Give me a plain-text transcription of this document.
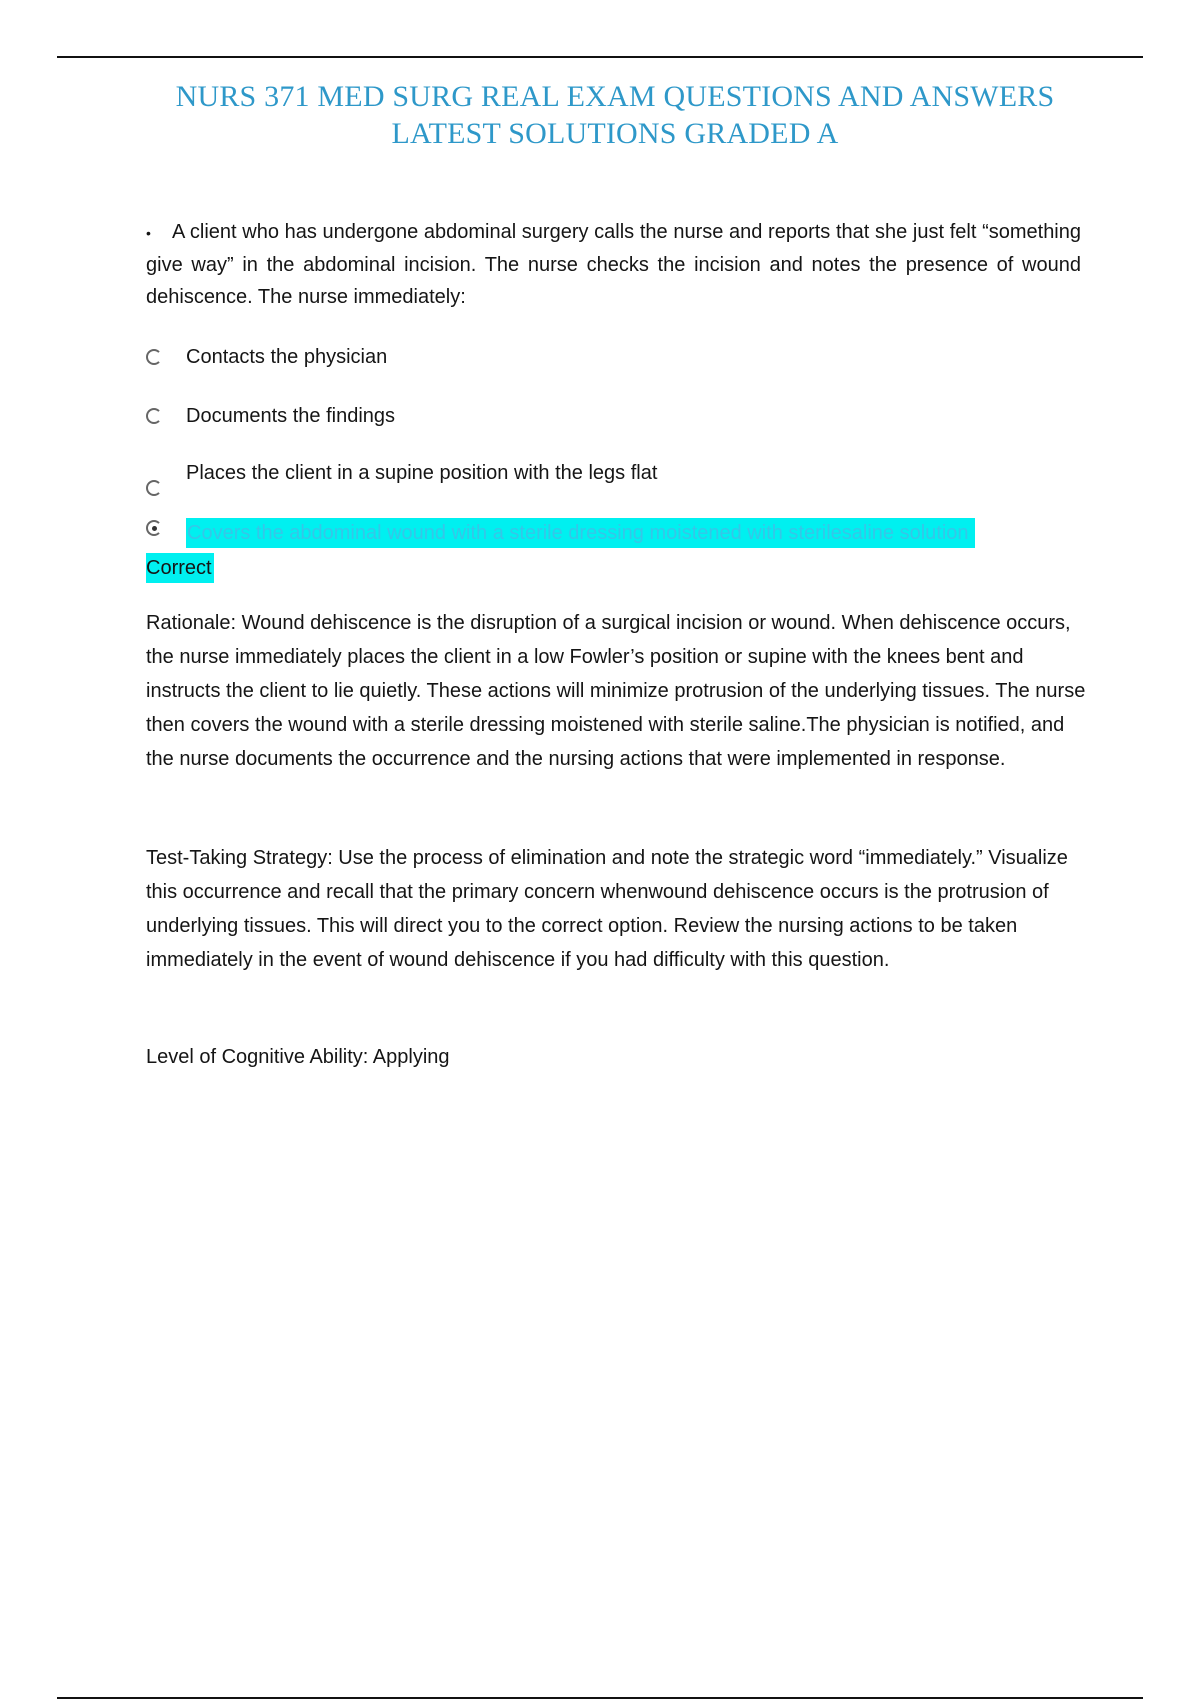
NURS 371 MED SURG REAL EXAM QUESTIONS AND ANSWERS
LATEST SOLUTIONS GRADED A
• A client who has undergone abdominal surgery calls the nurse and reports that she just felt “something give way” in the abdominal incision. The nurse checks the incision and notes the presence of wound dehiscence. The nurse immediately:
Contacts the physician
Documents the findings
Places the client in a supine position with the legs flat
Covers the abdominal wound with a sterile dressing moistened with sterilesaline solution
Correct
Rationale: Wound dehiscence is the disruption of a surgical incision or wound. When dehiscence occurs, the nurse immediately places the client in a low Fowler’s position or supine with the knees bent and instructs the client to lie quietly. These actions will minimize protrusion of the underlying tissues. The nurse then covers the wound with a sterile dressing moistened with sterile saline.The physician is notified, and the nurse documents the occurrence and the nursing actions that were implemented in response.
Test-Taking Strategy: Use the process of elimination and note the strategic word “immediately.” Visualize this occurrence and recall that the primary concern whenwound dehiscence occurs is the protrusion of underlying tissues. This will direct you to the correct option. Review the nursing actions to be taken immediately in the event of wound dehiscence if you had difficulty with this question.
Level of Cognitive Ability: Applying
